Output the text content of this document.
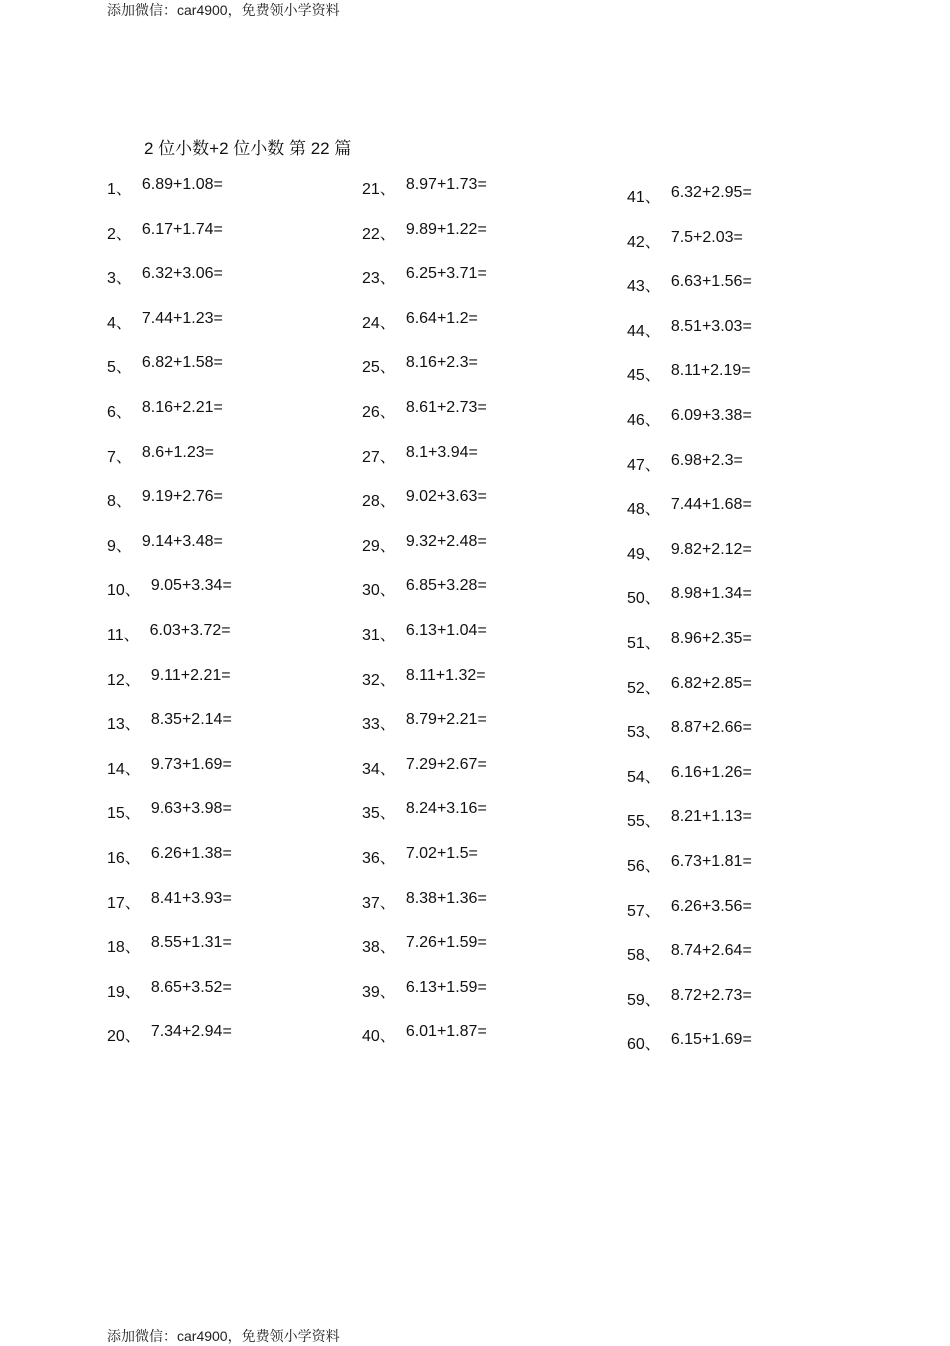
添加微信：car4900，免费领小学资料
2 位小数+2 位小数 第 22 篇
1、 6.89+1.08=
2、 6.17+1.74=
3、 6.32+3.06=
4、 7.44+1.23=
5、 6.82+1.58=
6、 8.16+2.21=
7、 8.6+1.23=
8、 9.19+2.76=
9、 9.14+3.48=
10、 9.05+3.34=
11、 6.03+3.72=
12、 9.11+2.21=
13、 8.35+2.14=
14、 9.73+1.69=
15、 9.63+3.98=
16、 6.26+1.38=
17、 8.41+3.93=
18、 8.55+1.31=
19、 8.65+3.52=
20、 7.34+2.94=
21、 8.97+1.73=
22、 9.89+1.22=
23、 6.25+3.71=
24、 6.64+1.2=
25、 8.16+2.3=
26、 8.61+2.73=
27、 8.1+3.94=
28、 9.02+3.63=
29、 9.32+2.48=
30、 6.85+3.28=
31、 6.13+1.04=
32、 8.11+1.32=
33、 8.79+2.21=
34、 7.29+2.67=
35、 8.24+3.16=
36、 7.02+1.5=
37、 8.38+1.36=
38、 7.26+1.59=
39、 6.13+1.59=
40、 6.01+1.87=
41、 6.32+2.95=
42、 7.5+2.03=
43、 6.63+1.56=
44、 8.51+3.03=
45、 8.11+2.19=
46、 6.09+3.38=
47、 6.98+2.3=
48、 7.44+1.68=
49、 9.82+2.12=
50、 8.98+1.34=
51、 8.96+2.35=
52、 6.82+2.85=
53、 8.87+2.66=
54、 6.16+1.26=
55、 8.21+1.13=
56、 6.73+1.81=
57、 6.26+3.56=
58、 8.74+2.64=
59、 8.72+2.73=
60、 6.15+1.69=
添加微信：car4900，免费领小学资料
